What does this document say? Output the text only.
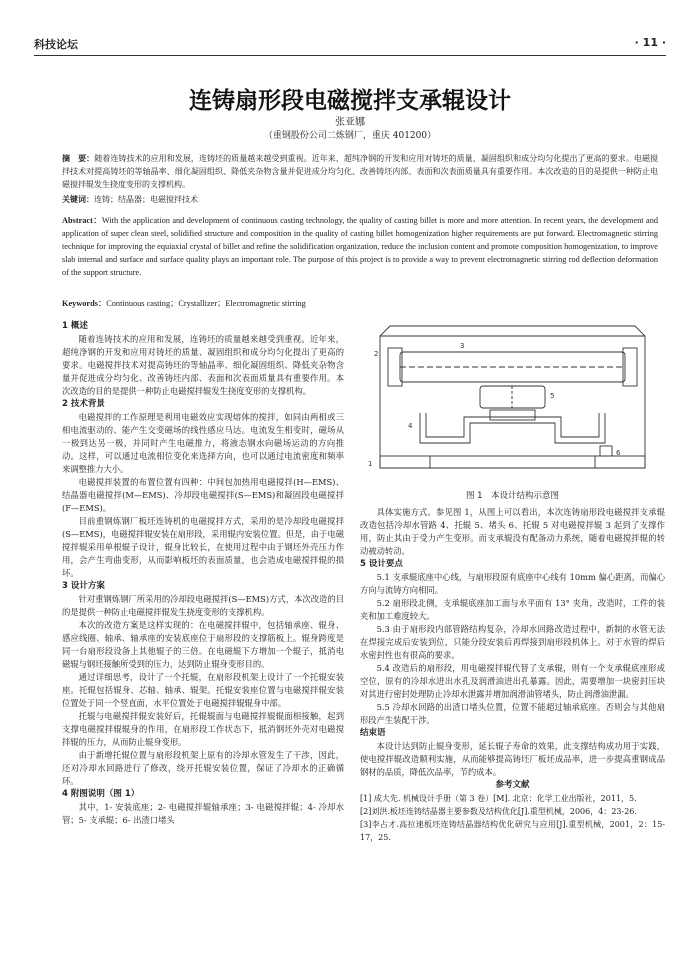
科技论坛	· 11 ·
连铸扇形段电磁搅拌支承辊设计
张亚娜
（重钢股份公司二炼钢厂，重庆 401200）
摘　要：随着连铸技术的应用和发展，连铸坯的质量越来越受到重视。近年来，超纯净钢的开发和应用对铸坯的质量、凝固组织和成分均匀化提出了更高的要求。电磁搅拌技术对提高铸坯的等轴晶率、细化凝固组织、降低夹杂物含量并促进成分均匀化、改善铸坯内部、表面和次表面质量具有重要作用。本次改造的目的是提供一种防止电磁搅拌辊发生挠度变形的支撑机构。
关键词：连铸；结晶器；电磁搅拌技术
Abstract：With the application and development of continuous casting technology, the quality of casting billet is more and more attention. In recent years, the development and application of super clean steel, solidified structure and composition in the quality of casting billet homogenization higher requirements are put forward. Electromagnetic stirring technique for improving the equiaxial crystal of billet and refine the solidification organization, reduce the inclusion content and promote composition homogenization, to improve slab internal and surface and surface quality plays an important role. The purpose of this project is to provide a way to prevent electromagnetic stirring rod deflection deformation of the support structure.
Keywords：Continuous casting；Crystallizer；Electromagnetic stirring

1 概述

随着连铸技术的应用和发展，连铸坯的质量越来越受到重视。近年来，超纯净钢的开发和应用对铸坯的质量、凝固组织和成分均匀化提出了更高的要求。电磁搅拌技术对提高铸坯的等轴晶率、细化凝固组织、降低夹杂物含量并促进成分均匀化、改善铸坯内部、表面和次表面质量具有重要作用。本次改造的目的是提供一种防止电磁搅拌辊发生挠度变形的支撑机构。

2 技术背景

电磁搅拌的工作原理是利用电磁效应实现熔体的搅拌，如同由两相或三相电流驱动的、能产生交变磁场的线性感应马达。电流发生相变时，磁场从一极到达另一极，并同时产生电磁推力，将液态钢水向磁场运动的方向推动。这样，可以通过电流相位变化来选择方向，也可以通过电流密度和频率来调整推力大小。

电磁搅拌装置的布置位置有四种：中间包加热用电磁搅拌(H—EMS)、结晶器电磁搅拌(M—EMS)、冷却段电磁搅拌(S—EMS)和凝固段电磁搅拌(F—EMS)。

目前重钢炼钢厂板坯连铸机的电磁搅拌方式，采用的是冷却段电磁搅拌(S—EMS)，电磁搅拌辊安装在扇形段，采用辊内安装位置。但是，由于电磁搅拌辊采用单根辊子设计，辊身比较长，在使用过程中由于钢坯外壳压力作用，会产生弯曲变形，从而影响板坯的表面质量，也会造成电磁搅拌辊的损坏。

3 设计方案

针对重钢炼钢厂所采用的冷却段电磁搅拌(S—EMS)方式，本次改造的目的是提供一种防止电磁搅拌辊发生挠度变形的支撑机构。

本次的改造方案是这样实现的：在电磁搅拌辊中，包括轴承座、辊身、感应线圈、轴承、轴承座的安装底座位于扇形段的支撑筋板上。辊身跨度是同一台扇形段设备上其他辊子的三倍。在电磁辊下方增加一个辊子，抵消电磁辊与钢坯接触所受到的压力，达到防止辊身变形目的。

通过详细思考，设计了一个托辊，在扇形段机架上设计了一个托辊安装座。托辊包括辊身、芯轴、轴承、辊架。托辊安装座位置与电磁搅拌辊安装位置处于同一个竖直面，水平位置处于电磁搅拌辊辊身中部。

托辊与电磁搅拌辊安装好后，托辊辊面与电磁搅拌辊辊面相接触，起到支撑电磁搅拌辊辊身的作用，在扇形段工作状态下，抵消钢坯外壳对电磁搅拌辊的压力，从而防止辊身变形。

由于新增托辊位置与扇形段机架上原有的冷却水管发生了干涉，因此，还对冷却水回路进行了修改，绕开托辊安装位置，保证了冷却水的正确循环。

4 附图说明（图 1）

其中，1- 安装底座；2- 电磁搅拌辊轴承座；3- 电磁搅拌辊；4- 冷却水管；5- 支承辊；6- 出渣口堵头

1
2
3
4
5
6
图 1　本设计结构示意图

具体实施方式。参见图 1，从图上可以看出，本次连铸扇形段电磁搅拌支承辊改造包括冷却水管路 4、托辊 5、堵头 6、托辊 5 对电磁搅拌辊 3 起到了支撑作用，防止其由于受力产生变形。而支承辊没有配备动力系统，随着电磁搅拌辊的转动被动转动。

5 设计要点

5.1 支承辊底座中心线，与扇形段原有底座中心线有 10mm 偏心距离，而偏心方向与流铸方向相同。

5.2 扇形段北侧，支承辊底座加工面与水平面有 13° 夹角，改造时，工件的装夹和加工难度较大。

5.3 由于扇形段内部管路结构复杂，冷却水回路改造过程中，新制的水管无法在焊接完成后安装到位，只能分段安装后再焊接到扇形段机体上。对于水管的焊后水密封性也有很高的要求。

5.4 改造后的扇形段，用电磁搅拌辊代替了支承辊，则有一个支承辊底座形成空位，原有的冷却水进出水孔及润滑油进出孔暴露。因此，需要增加一块密封压块对其进行密封处理防止冷却水泄露并增加润滑油管堵头，防止润滑油泄漏。

5.5 冷却水回路的出渣口堵头位置，位置不能超过轴承底座。否则会与其他扇形段产生装配干涉。

结束语

本设计达到防止辊身变形，延长辊子寿命的效果，此支撑结构成功用于实践，使电搅拌辊改造顺利实施，从而能够提高铸坯厂板坯成品率，进一步提高重钢成品钢材的品质，降低次品率，节约成本。

参考文献

[1] 成大先. 机械设计手册（第 3 卷）[M]. 北京：化学工业出版社，2011，5.

[2]刘洪.板坯连铸结晶器主要参数及结构优化[J].重型机械，2006，4：23-26.

[3]李占才.高拉速板坯连铸结晶器结构优化研究与应用[J].重型机械，2001，2：15-17，25.
